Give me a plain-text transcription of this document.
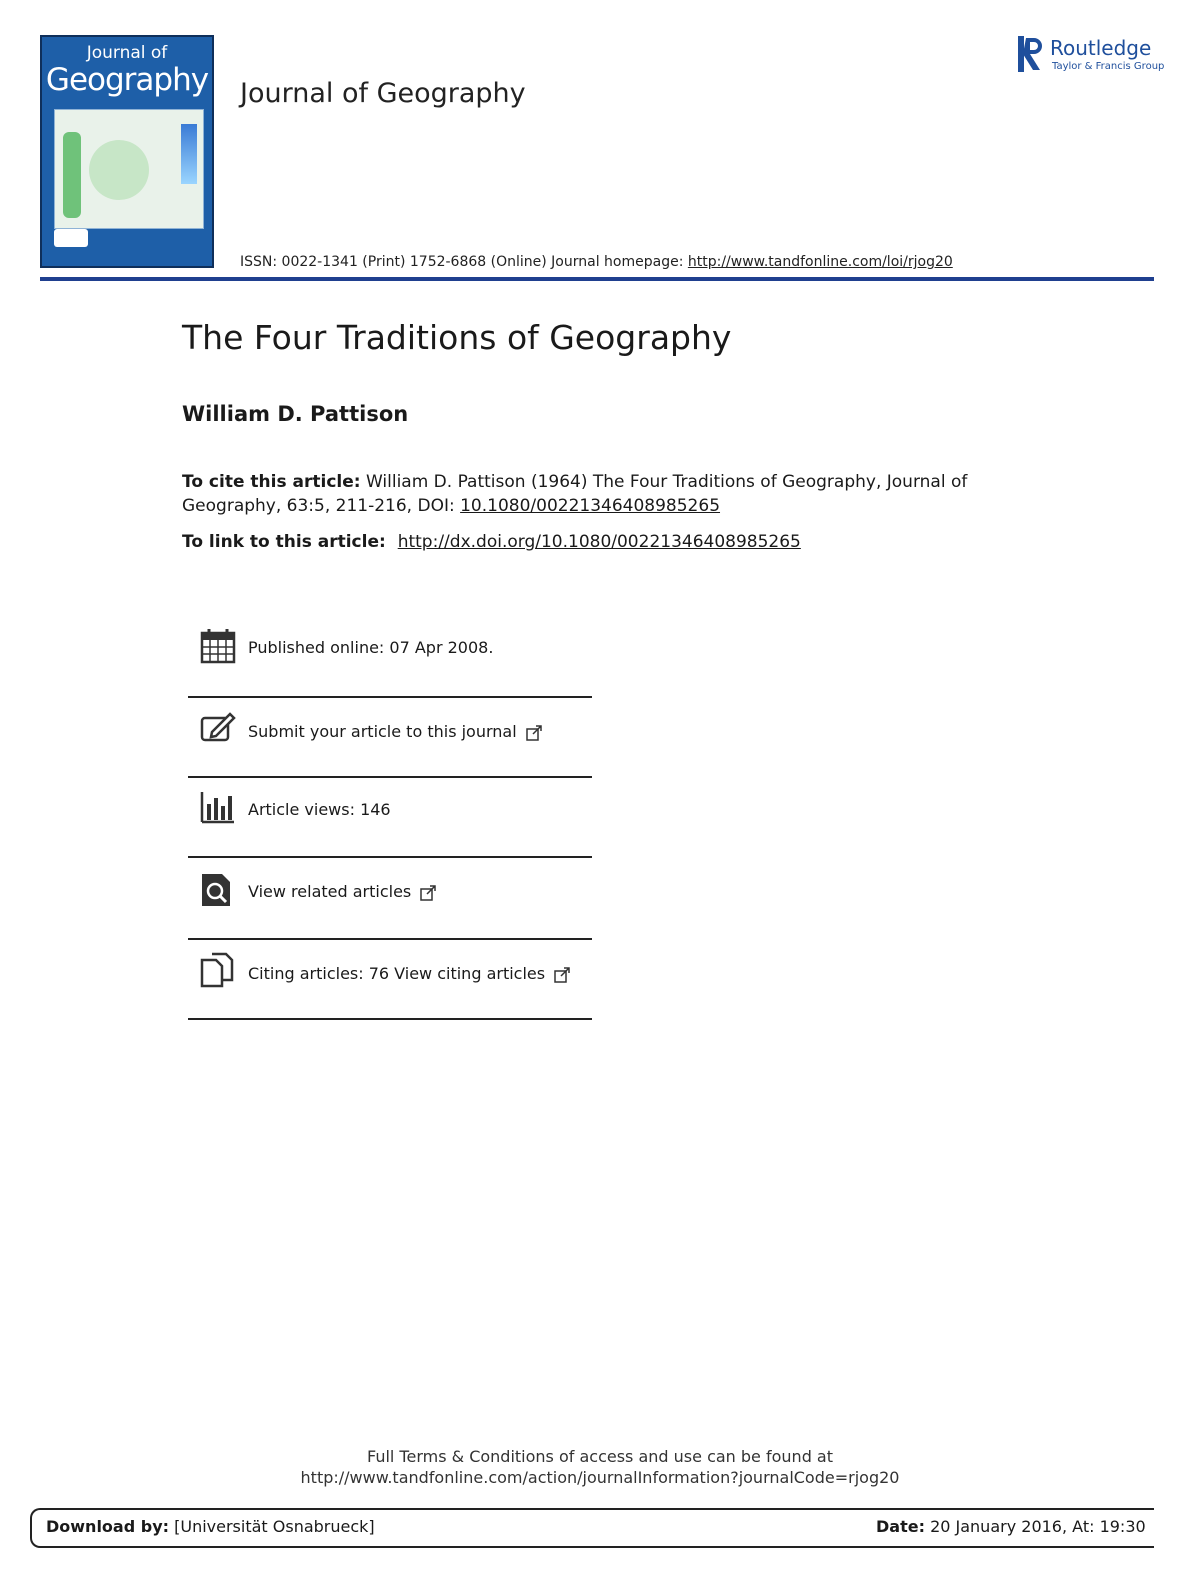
Journal of
Geography Journal of Geography
Routledge
Taylor & Francis Group
ISSN: 0022-1341 (Print) 1752-6868 (Online) Journal homepage: http://www.tandfonline.com/loi/rjog20
The Four Traditions of Geography
William D. Pattison
To cite this article: William D. Pattison (1964) The Four Traditions of Geography, Journal of Geography, 63:5, 211-216, DOI: 10.1080/00221346408985265
To link to this article: http://dx.doi.org/10.1080/00221346408985265
Published online: 07 Apr 2008.
Submit your article to this journal
Article views: 146
View related articles
Citing articles: 76 View citing articles
Full Terms & Conditions of access and use can be found at
http://www.tandfonline.com/action/journalInformation?journalCode=rjog20
Download by: [Universität Osnabrueck]	Date: 20 January 2016, At: 19:30
